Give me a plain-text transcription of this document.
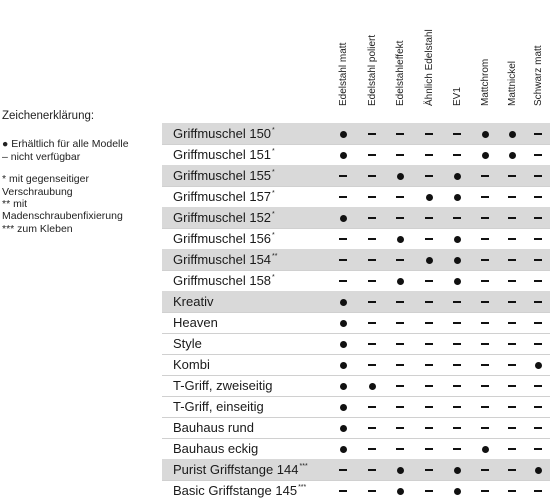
Zeichenerklärung:
● Erhältlich für alle Modelle
– nicht verfügbar
* mit gegenseitiger
Verschraubung
** mit
Madenschraubenfixierung
*** zum Kleben
Edelstahl matt Edelstahl poliert Edelstahleffekt Ähnlich Edelstahl EV1 Mattchrom Mattnickel Schwarz matt
Griffmuschel 150*
Griffmuschel 151*
Griffmuschel 155*
Griffmuschel 157*
Griffmuschel 152*
Griffmuschel 156*
Griffmuschel 154**
Griffmuschel 158*
Kreativ
Heaven
Style
Kombi
T-Griff, zweiseitig
T-Griff, einseitig
Bauhaus rund
Bauhaus eckig
Purist Griffstange 144***
Basic Griffstange 145***
